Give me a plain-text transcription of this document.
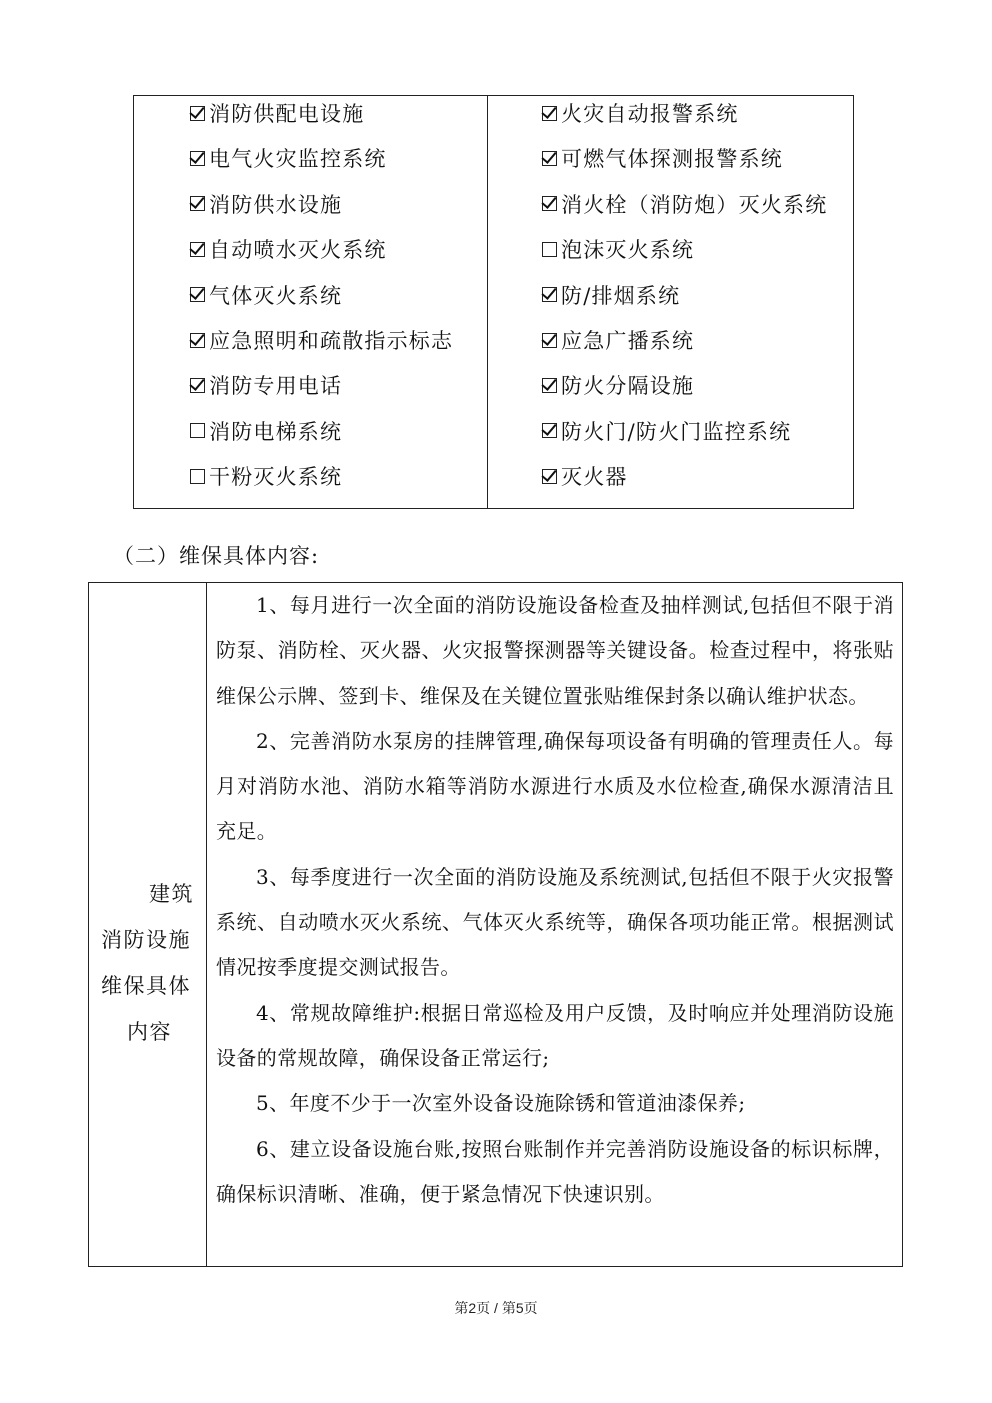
消防供配电设施
电气火灾监控系统
消防供水设施
自动喷水灭火系统
气体灭火系统
应急照明和疏散指示标志
消防专用电话
消防电梯系统
干粉灭火系统
火灾自动报警系统
可燃气体探测报警系统
消火栓（消防炮）灭火系统
泡沫灭火系统
防/排烟系统
应急广播系统
防火分隔设施
防火门/防火门监控系统
灭火器
（二）维保具体内容:
建筑
消防设施
维保具体
内容

1、每月进行一次全面的消防设施设备检查及抽样测试,包括但不限于消防泵、消防栓、灭火器、火灾报警探测器等关键设备。检查过程中，将张贴维保公示牌、签到卡、维保及在关键位置张贴维保封条以确认维护状态。

2、完善消防水泵房的挂牌管理,确保每项设备有明确的管理责任人。每月对消防水池、消防水箱等消防水源进行水质及水位检查,确保水源清洁且充足。

3、每季度进行一次全面的消防设施及系统测试,包括但不限于火灾报警系统、自动喷水灭火系统、气体灭火系统等，确保各项功能正常。根据测试情况按季度提交测试报告。

4、常规故障维护:根据日常巡检及用户反馈，及时响应并处理消防设施设备的常规故障，确保设备正常运行;

5、年度不少于一次室外设备设施除锈和管道油漆保养;

6、建立设备设施台账,按照台账制作并完善消防设施设备的标识标牌，确保标识清晰、准确，便于紧急情况下快速识别。

第2页 / 第5页
